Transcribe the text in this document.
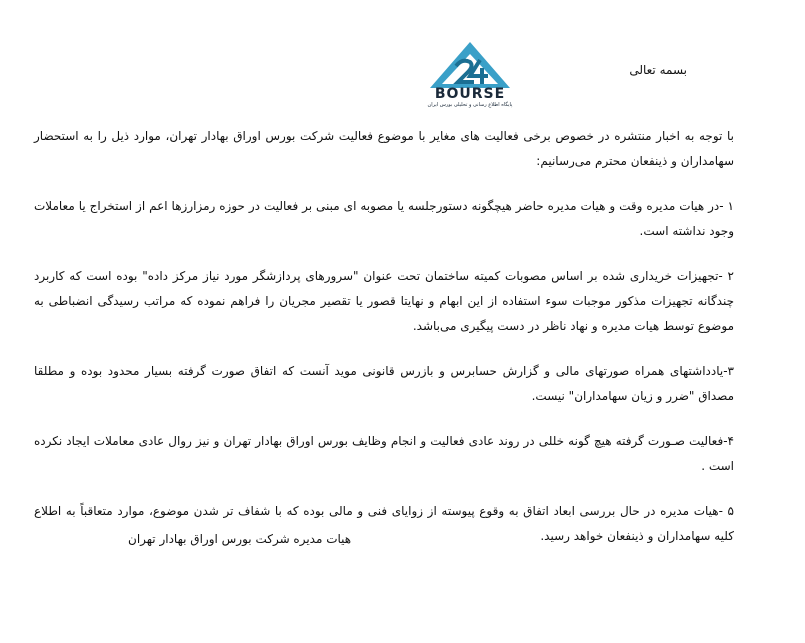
بسمه تعالی
BOURSE
پایگاه اطلاع رسانی و تحلیلی بورس ایران

با توجه به اخبار منتشره در خصوص برخی فعالیت های مغایر با موضوع فعالیت شرکت بورس اوراق بهادار تهران، موارد ذیل را به استحضار سهامداران و ذینفعان محترم می‌رسانیم:

۱ -در هیات مدیره وقت و هیات مدیره حاضر هیچگونه دستورجلسه یا مصوبه ای مبنی بر فعالیت در حوزه رمزارزها اعم از استخراج یا معاملات وجود نداشته است.

۲ -تجهیزات خریداری شده بر اساس مصوبات کمیته ساختمان تحت عنوان "سرورهای پردازشگر مورد نیاز مرکز داده" بوده است که کاربرد چندگانه تجهیزات مذکور موجبات سوء استفاده از این ابهام و نهایتا قصور یا تقصیر مجریان را فراهم نموده که مراتب رسیدگی انضباطی به موضوع توسط هیات مدیره و نهاد ناظر در دست پیگیری می‌باشد.

۳-یادداشتهای همراه صورتهای مالی و گزارش حسابرس و بازرس قانونی موید آنست که اتفاق صورت گرفته بسیار محدود بوده و مطلقا مصداق "ضرر و زیان سهامداران" نیست.

۴-فعالیت صـورت گرفته هیچ گونه خللی در روند عادی فعالیت و انجام وظایف بورس اوراق بهادار تهران و نیز روال عادی معاملات ایجاد نکرده است .

۵ -هیات مدیره در حال بررسی ابعاد اتفاق به وقوع پیوسته از زوایای فنی و مالی بوده که با شفاف تر شدن موضوع، موارد متعاقباً به اطلاع کلیه سهامداران و ذینفعان خواهد رسید.

هیات مدیره شرکت بورس اوراق بهادار تهران
